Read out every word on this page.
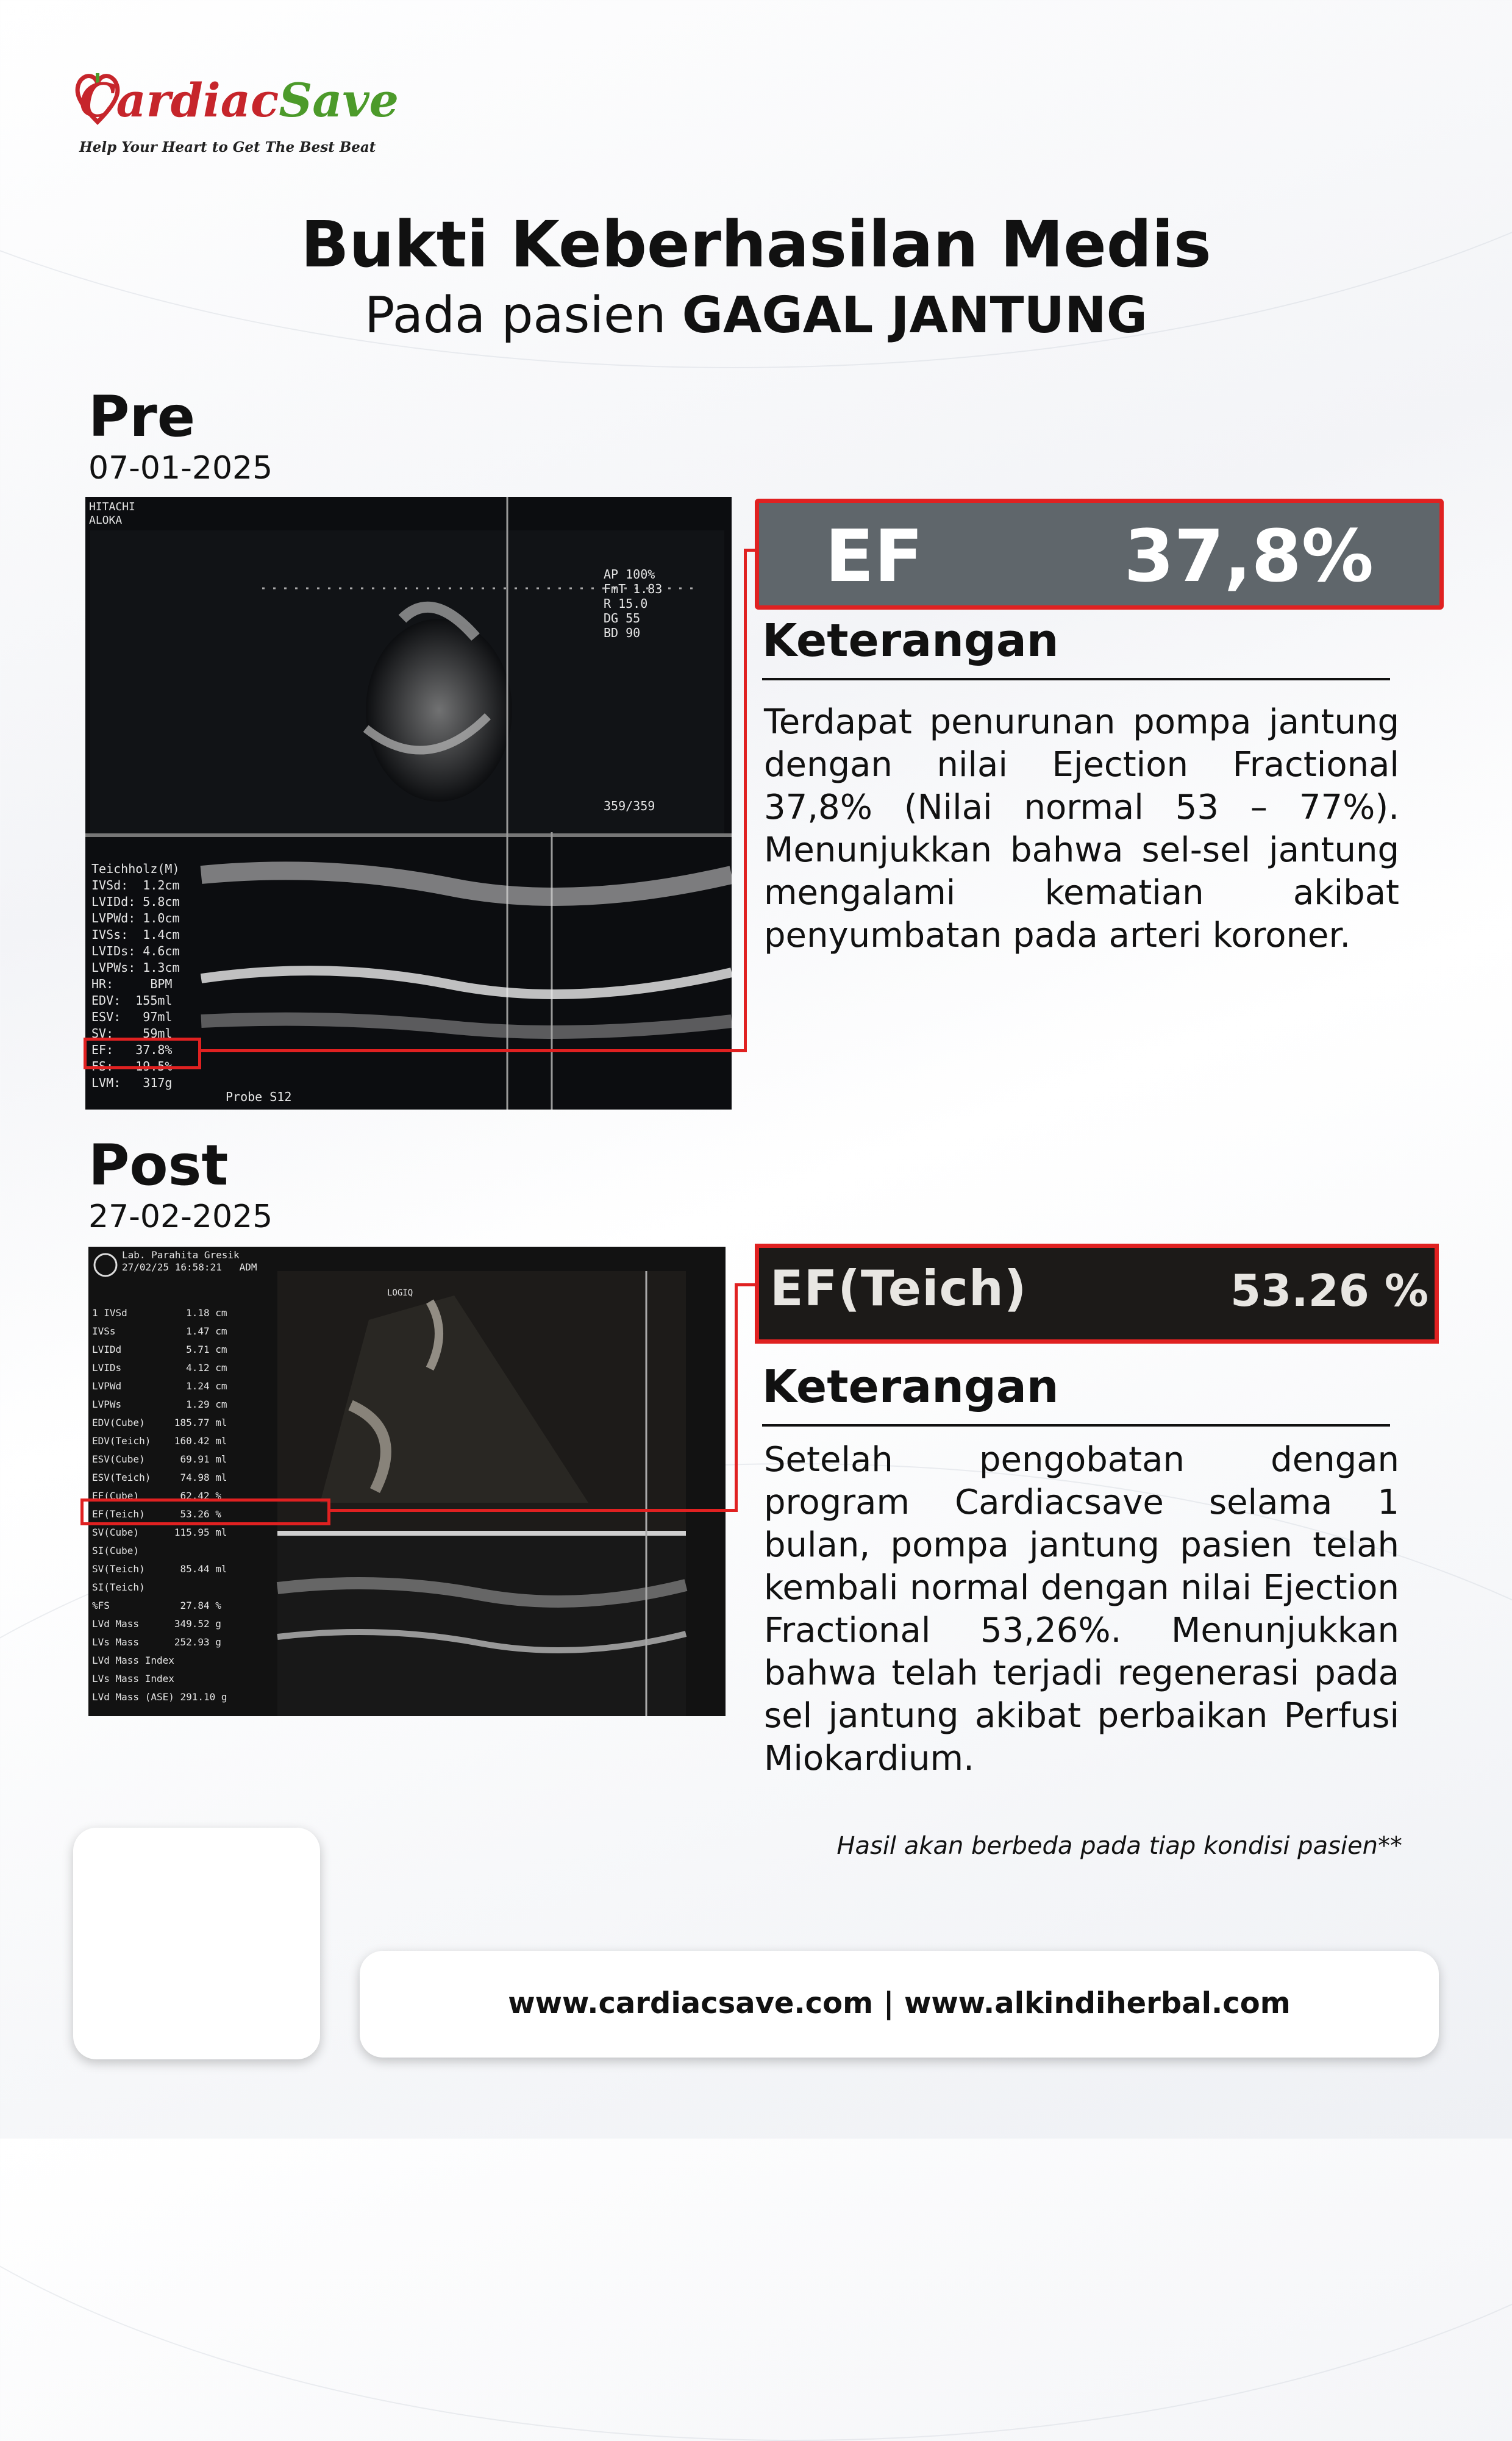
CardiacSave
Help Your Heart to Get The Best Beat
Bukti Keberhasilan Medis
Pada pasien GAGAL JANTUNG
Pre
07-01-2025
HITACHI
ALOKA
AP 100%
FmT 1.83
R 15.0
DG 55
BD 90
359/359
Teichholz(M)
IVSd:  1.2cm
LVIDd: 5.8cm
LVPWd: 1.0cm
IVSs:  1.4cm
LVIDs: 4.6cm
LVPWs: 1.3cm
HR:     BPM
EDV:  155ml
ESV:   97ml
SV:    59ml
EF:   37.8%
FS:   19.5%
LVM:   317g
Probe S12
EF	37,8%
Keterangan
Terdapat penurunan pompa jantung dengan nilai Ejection Fractional 37,8% (Nilai normal 53 – 77%). Menunjukkan bahwa sel-sel jantung mengalami kematian akibat penyumbatan pada arteri koroner.
Post
27-02-2025
Lab. Parahita Gresik
27/02/25 16:58:21   ADM
LOGIQ
1 IVSd          1.18 cm
IVSs            1.47 cm
LVIDd           5.71 cm
LVIDs           4.12 cm
LVPWd           1.24 cm
LVPWs           1.29 cm
EDV(Cube)     185.77 ml
EDV(Teich)    160.42 ml
ESV(Cube)      69.91 ml
ESV(Teich)     74.98 ml
EF(Cube)       62.42 %
EF(Teich)      53.26 %
SV(Cube)      115.95 ml
SI(Cube)
SV(Teich)      85.44 ml
SI(Teich)
%FS            27.84 %
LVd Mass      349.52 g
LVs Mass      252.93 g
LVd Mass Index
LVs Mass Index
LVd Mass (ASE) 291.10 g
EF(Teich)	53.26 %
Keterangan
Setelah pengobatan dengan program Cardiacsave selama 1 bulan, pompa jantung pasien telah kembali normal dengan nilai Ejection Fractional 53,26%. Menunjukkan bahwa telah terjadi regenerasi pada sel jantung akibat perbaikan Perfusi Miokardium.
Hasil akan berbeda pada tiap kondisi pasien**
www.cardiacsave.com | www.alkindiherbal.com
